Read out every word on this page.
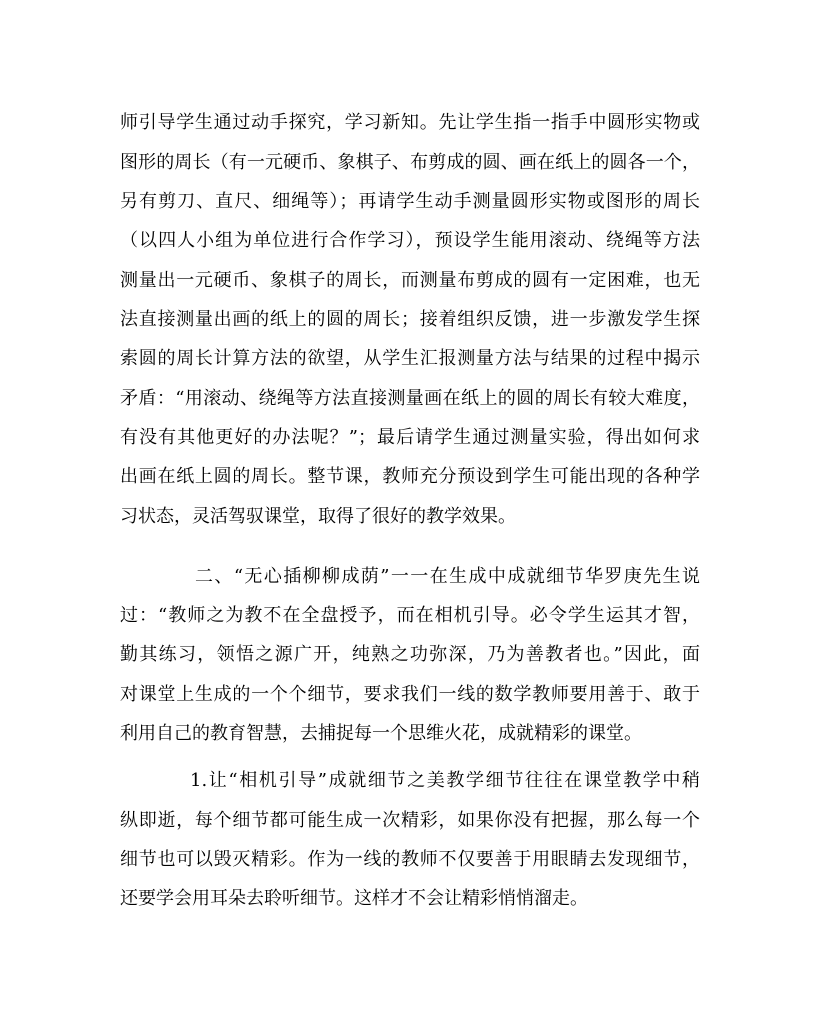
师引导学生通过动手探究，学习新知。先让学生指一指手中圆形实物或
图形的周长（有一元硬币、象棋子、布剪成的圆、画在纸上的圆各一个，
另有剪刀、直尺、细绳等）；再请学生动手测量圆形实物或图形的周长
（以四人小组为单位进行合作学习），预设学生能用滚动、绕绳等方法
测量出一元硬币、象棋子的周长，而测量布剪成的圆有一定困难，也无
法直接测量出画的纸上的圆的周长；接着组织反馈，进一步激发学生探
索圆的周长计算方法的欲望，从学生汇报测量方法与结果的过程中揭示
矛盾：“用滚动、绕绳等方法直接测量画在纸上的圆的周长有较大难度，
有没有其他更好的办法呢？”；最后请学生通过测量实验，得出如何求
出画在纸上圆的周长。整节课，教师充分预设到学生可能出现的各种学
习状态，灵活驾驭课堂，取得了很好的教学效果。
二、“无心插柳柳成荫”一一在生成中成就细节华罗庚先生说
过：“教师之为教不在全盘授予，而在相机引导。必令学生运其才智，
勤其练习，领悟之源广开，纯熟之功弥深，乃为善教者也。”因此，面
对课堂上生成的一个个细节，要求我们一线的数学教师要用善于、敢于
利用自己的教育智慧，去捕捉每一个思维火花，成就精彩的课堂。
1.让“相机引导”成就细节之美教学细节往往在课堂教学中稍
纵即逝，每个细节都可能生成一次精彩，如果你没有把握，那么每一个
细节也可以毁灭精彩。作为一线的教师不仅要善于用眼睛去发现细节，
还要学会用耳朵去聆听细节。这样才不会让精彩悄悄溜走。
